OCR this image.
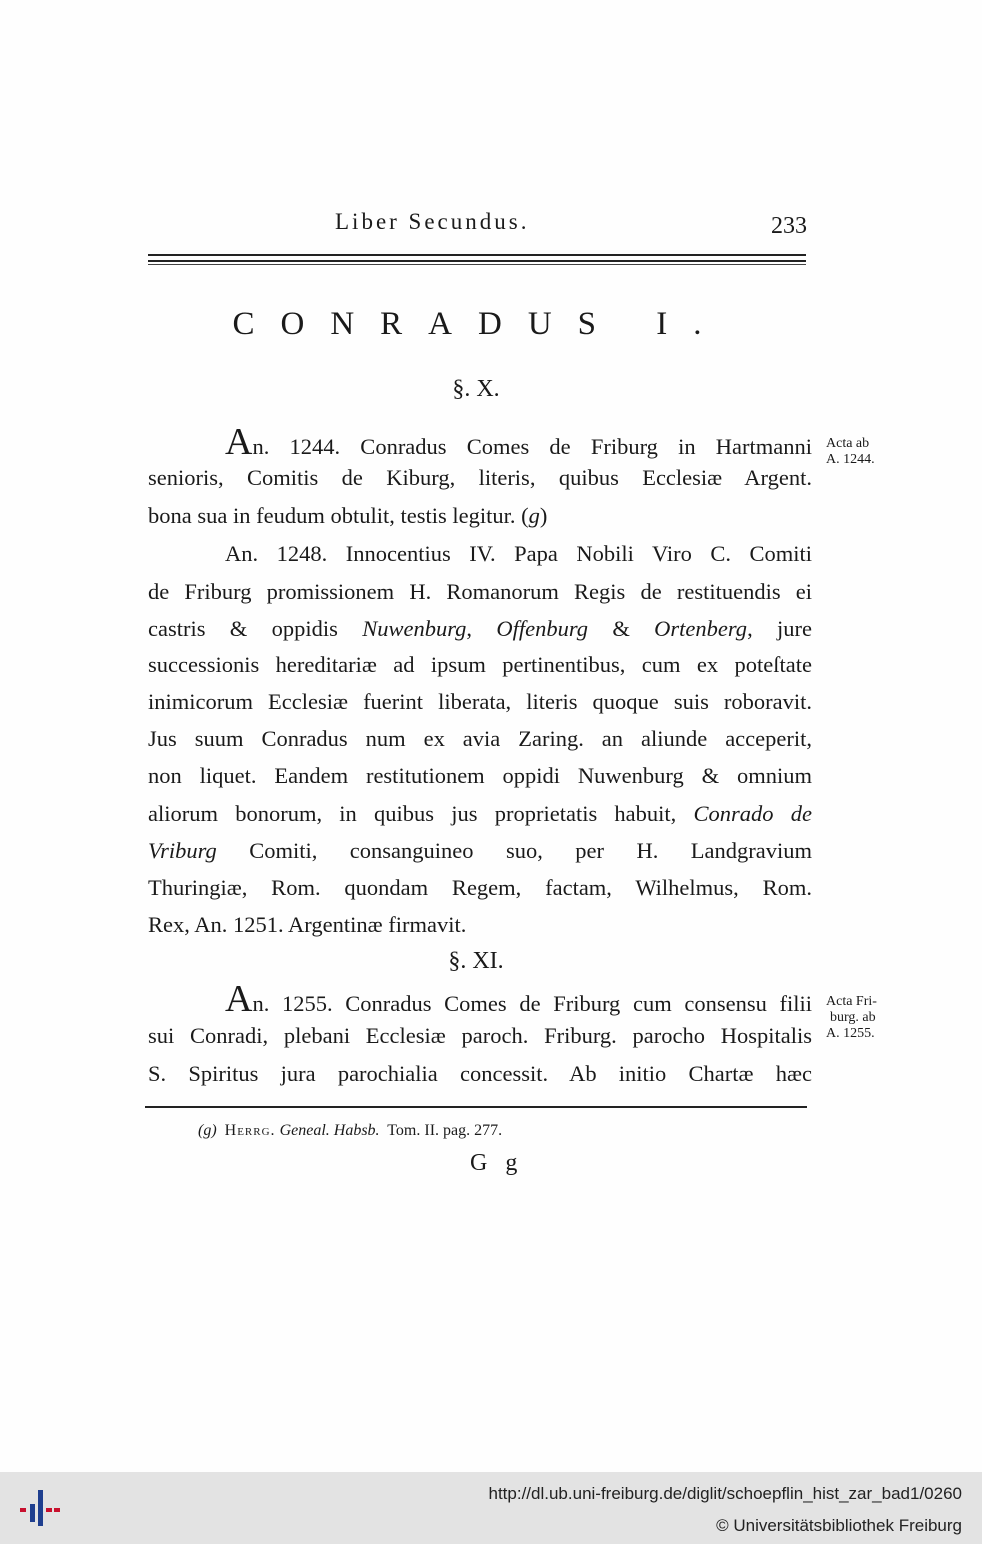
Liber Secundus.	233
CONRADUS I.
§. X.
An. 1244. Conradus Comes de Friburg in Hartmanni
senioris, Comitis de Kiburg, literis, quibus Ecclesiæ Argent.
bona sua in feudum obtulit, testis legitur. (g)
Acta ab
A. 1244.
An. 1248. Innocentius IV. Papa Nobili Viro C. Comiti
de Friburg promissionem H. Romanorum Regis de restituendis ei
castris & oppidis Nuwenburg, Offenburg & Ortenberg, jure
successionis hereditariæ ad ipsum pertinentibus, cum ex poteſtate
inimicorum Ecclesiæ fuerint liberata, literis quoque suis roboravit.
Jus suum Conradus num ex avia Zaring. an aliunde acceperit,
non liquet. Eandem restitutionem oppidi Nuwenburg & omnium
aliorum bonorum, in quibus jus proprietatis habuit, Conrado de
Vriburg Comiti, consanguineo suo, per H. Landgravium
Thuringiæ, Rom. quondam Regem, factam, Wilhelmus, Rom.
Rex, An. 1251. Argentinæ firmavit.
§. XI.
An. 1255. Conradus Comes de Friburg cum consensu filii
sui Conradi, plebani Ecclesiæ paroch. Friburg. parocho Hospitalis
S. Spiritus jura parochialia concessit. Ab initio Chartæ hæc
Acta Fri-
burg. ab
A. 1255.
(g) Herrg. Geneal. Habsb. Tom. II. pag. 277.
G g
http://dl.ub.uni-freiburg.de/diglit/schoepflin_hist_zar_bad1/0260
© Universitätsbibliothek Freiburg
